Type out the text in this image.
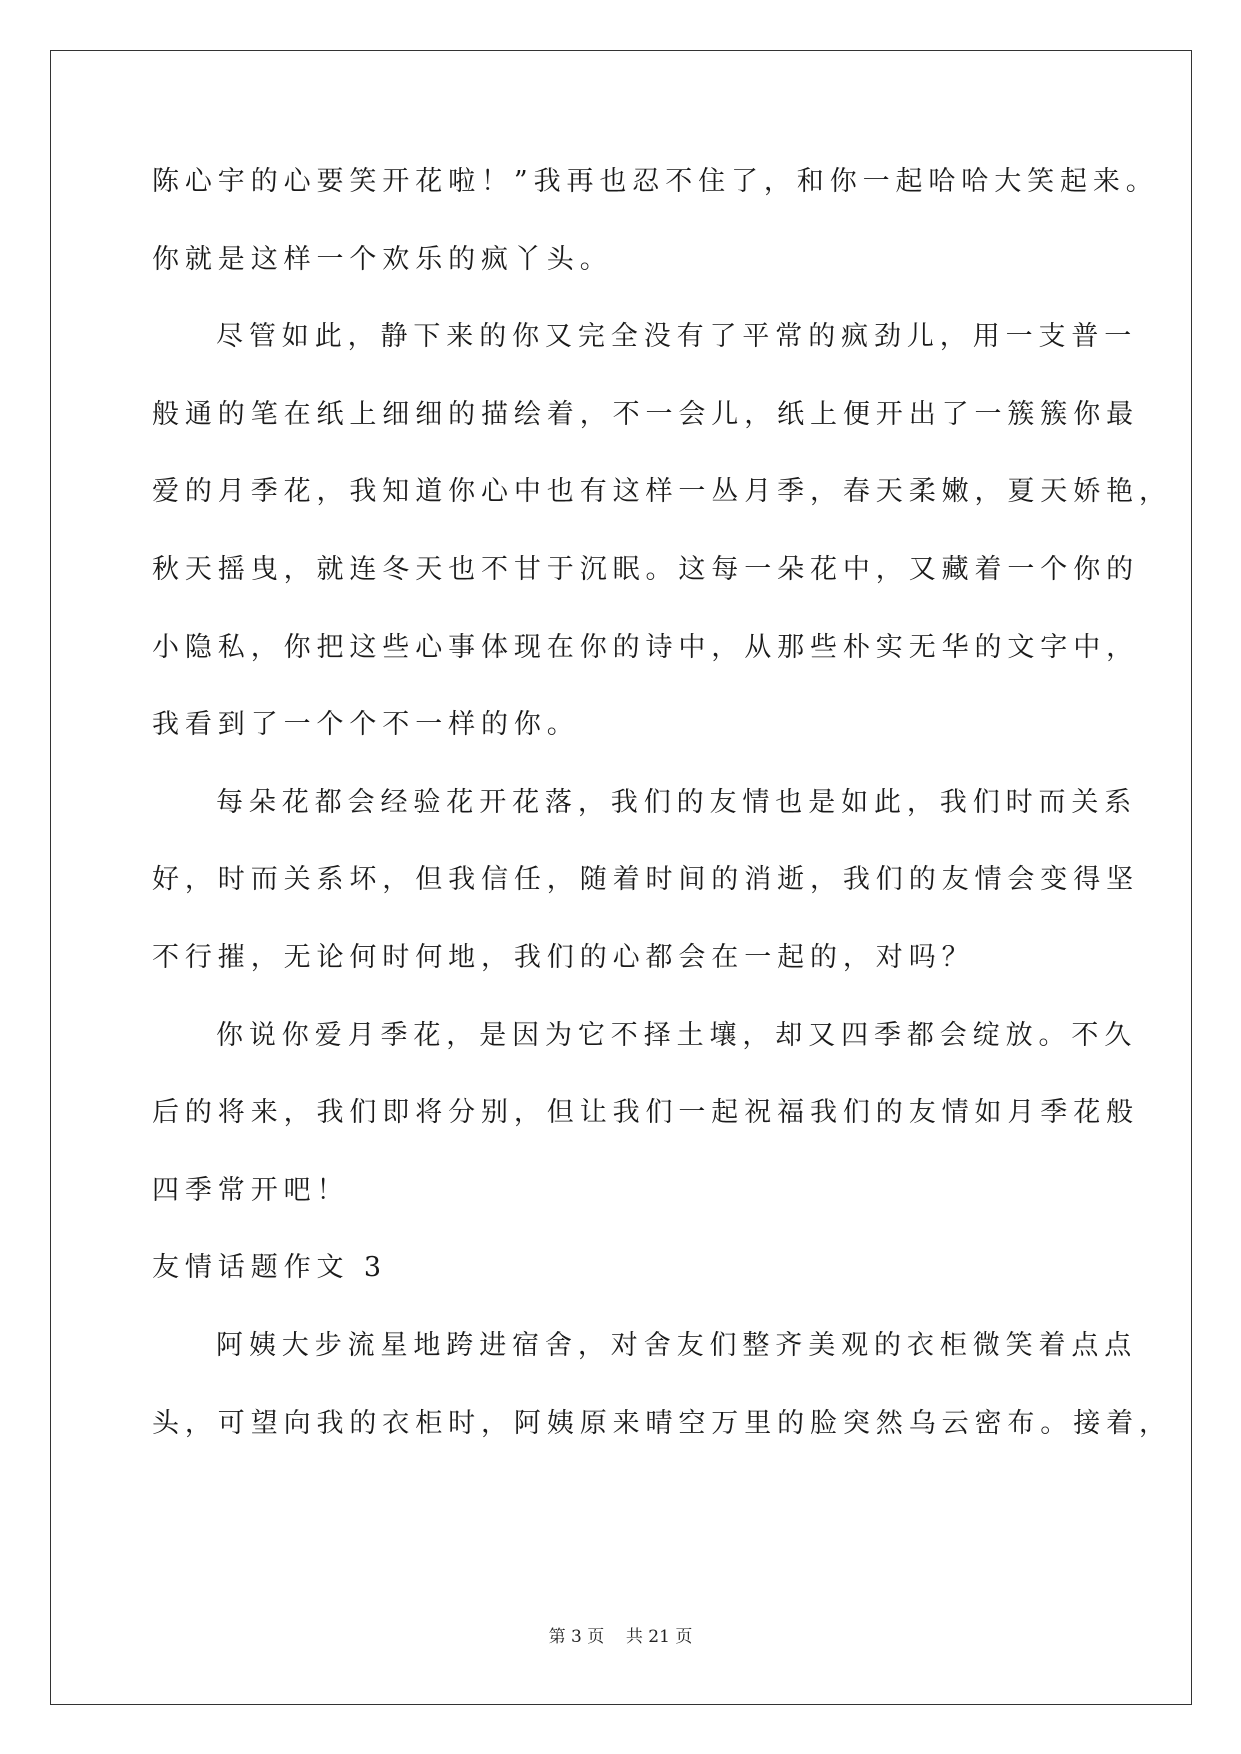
陈心宇的心要笑开花啦！”我再也忍不住了，和你一起哈哈大笑起来。
你就是这样一个欢乐的疯丫头。
尽管如此，静下来的你又完全没有了平常的疯劲儿，用一支普一
般通的笔在纸上细细的描绘着，不一会儿，纸上便开出了一簇簇你最
爱的月季花，我知道你心中也有这样一丛月季，春天柔嫩，夏天娇艳，
秋天摇曳，就连冬天也不甘于沉眠。这每一朵花中，又藏着一个你的
小隐私，你把这些心事体现在你的诗中，从那些朴实无华的文字中，
我看到了一个个不一样的你。
每朵花都会经验花开花落，我们的友情也是如此，我们时而关系
好，时而关系坏，但我信任，随着时间的消逝，我们的友情会变得坚
不行摧，无论何时何地，我们的心都会在一起的，对吗？
你说你爱月季花，是因为它不择土壤，却又四季都会绽放。不久
后的将来，我们即将分别，但让我们一起祝福我们的友情如月季花般
四季常开吧！
友情话题作文 3
阿姨大步流星地跨进宿舍，对舍友们整齐美观的衣柜微笑着点点
头，可望向我的衣柜时，阿姨原来晴空万里的脸突然乌云密布。接着，
第 3 页    共 21 页
